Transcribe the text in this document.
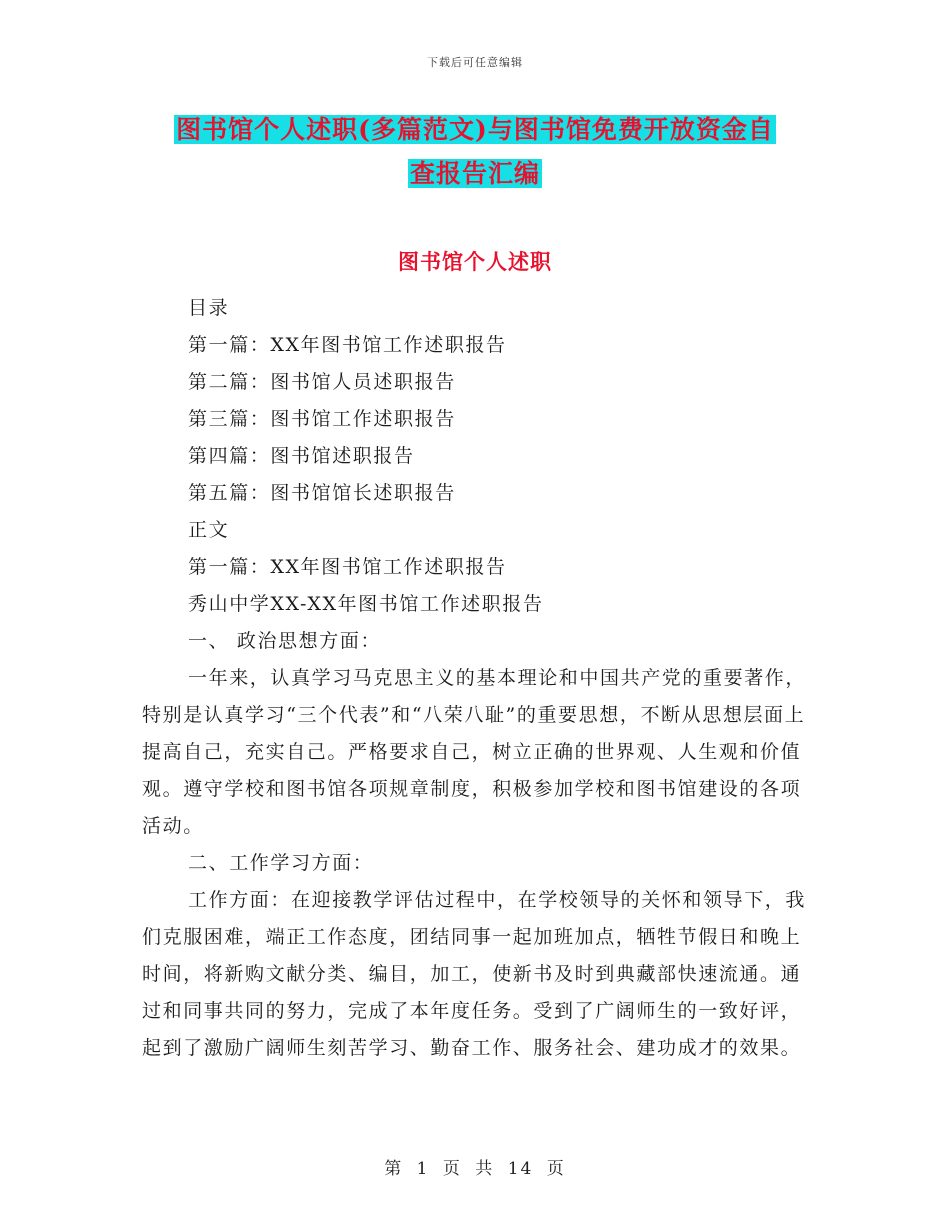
下载后可任意编辑
图书馆个人述职(多篇范文)与图书馆免费开放资金自
查报告汇编
图书馆个人述职

目录

第一篇：XX年图书馆工作述职报告

第二篇：图书馆人员述职报告

第三篇：图书馆工作述职报告

第四篇：图书馆述职报告

第五篇：图书馆馆长述职报告

正文

第一篇：XX年图书馆工作述职报告

秀山中学XX-XX年图书馆工作述职报告

一、 政治思想方面：

一年来，认真学习马克思主义的基本理论和中国共产党的重要著作，特别是认真学习“三个代表”和“八荣八耻”的重要思想，不断从思想层面上提高自己，充实自己。严格要求自己，树立正确的世界观、人生观和价值观。遵守学校和图书馆各项规章制度，积极参加学校和图书馆建设的各项活动。

二、工作学习方面：

工作方面：在迎接教学评估过程中，在学校领导的关怀和领导下，我们克服困难，端正工作态度，团结同事一起加班加点，牺牲节假日和晚上时间，将新购文献分类、编目，加工，使新书及时到典藏部快速流通。通过和同事共同的努力，完成了本年度任务。受到了广阔师生的一致好评，起到了激励广阔师生刻苦学习、勤奋工作、服务社会、建功成才的效果。

第 1 页 共 14 页
